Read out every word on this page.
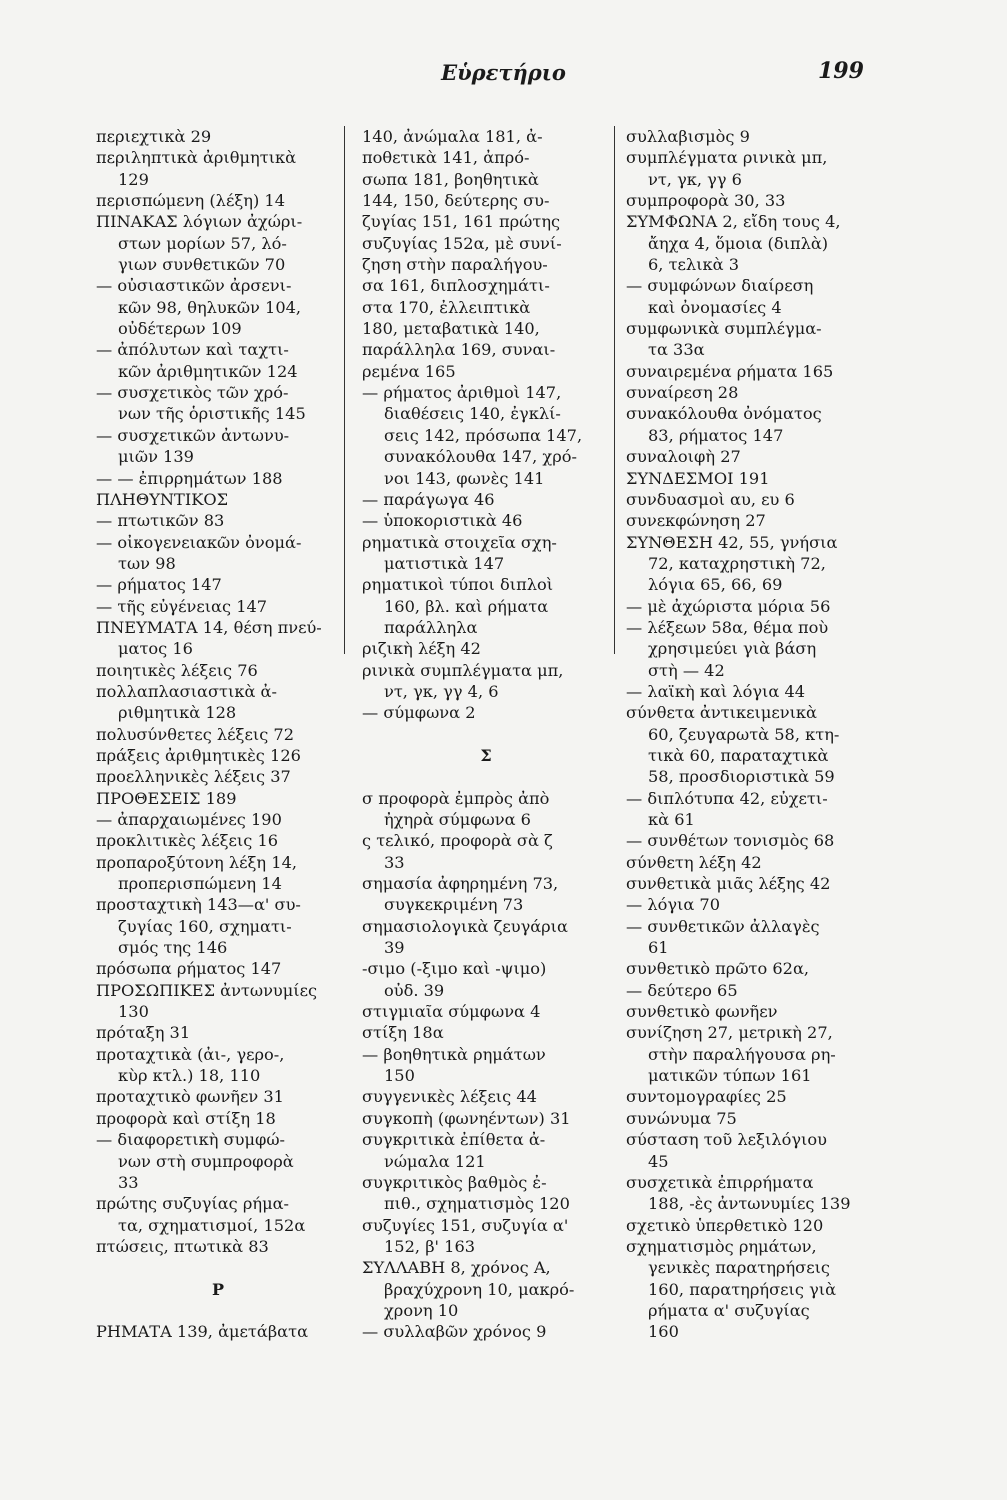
Εὑρετήριο	199
περιεχτικὰ 29
περιληπτικὰ ἀριθμητικὰ
129
περισπώμενη (λέξη) 14
ΠΙΝΑΚΑΣ λόγιων ἀχώρι-
στων μορίων 57, λό-
γιων συνθετικῶν 70
— οὐσιαστικῶν ἀρσενι-
κῶν 98, θηλυκῶν 104,
οὐδέτερων 109
— ἀπόλυτων καὶ ταχτι-
κῶν ἀριθμητικῶν 124
— συσχετικὸς τῶν χρό-
νων τῆς ὁριστικῆς 145
— συσχετικῶν ἀντωνυ-
μιῶν 139
— — ἐπιρρημάτων 188
ΠΛΗΘΥΝΤΙΚΟΣ
— πτωτικῶν 83
— οἰκογενειακῶν ὀνομά-
των 98
— ρήματος 147
— τῆς εὐγένειας 147
ΠΝΕΥΜΑΤΑ 14, θέση πνεύ-
ματος 16
ποιητικὲς λέξεις 76
πολλαπλασιαστικὰ ἀ-
ριθμητικὰ 128
πολυσύνθετες λέξεις 72
πράξεις ἀριθμητικὲς 126
προελληνικὲς λέξεις 37
ΠΡΟΘΕΣΕΙΣ 189
— ἀπαρχαιωμένες 190
προκλιτικὲς λέξεις 16
προπαροξύτονη λέξη 14,
προπερισπώμενη 14
προσταχτικὴ 143—α' συ-
ζυγίας 160, σχηματι-
σμός της 146
πρόσωπα ρήματος 147
ΠΡΟΣΩΠΙΚΕΣ ἀντωνυμίες
130
πρόταξη 31
προταχτικὰ (ἀι-, γερο-,
κὺρ κτλ.) 18, 110
προταχτικὸ φωνῆεν 31
προφορὰ καὶ στίξη 18
— διαφορετικὴ συμφώ-
νων στὴ συμπροφορὰ
33
πρώτης συζυγίας ρήμα-
τα, σχηματισμοί, 152α
πτώσεις, πτωτικὰ 83
Ρ
ΡΗΜΑΤΑ 139, ἀμετάβατα
140, ἀνώμαλα 181, ἀ-
ποθετικὰ 141, ἀπρό-
σωπα 181, βοηθητικὰ
144, 150, δεύτερης συ-
ζυγίας 151, 161 πρώτης
συζυγίας 152α, μὲ συνί-
ζηση στὴν παραλήγου-
σα 161, διπλοσχημάτι-
στα 170, ἐλλειπτικὰ
180, μεταβατικὰ 140,
παράλληλα 169, συναι-
ρεμένα 165
— ρήματος ἀριθμοὶ 147,
διαθέσεις 140, ἐγκλί-
σεις 142, πρόσωπα 147,
συνακόλουθα 147, χρό-
νοι 143, φωνὲς 141
— παράγωγα 46
— ὑποκοριστικὰ 46
ρηματικὰ στοιχεῖα σχη-
ματιστικὰ 147
ρηματικοὶ τύποι διπλοὶ
160, βλ. καὶ ρήματα
παράλληλα
ριζικὴ λέξη 42
ρινικὰ συμπλέγματα μπ,
ντ, γκ, γγ 4, 6
— σύμφωνα 2
Σ
σ προφορὰ ἐμπρὸς ἀπὸ
ἠχηρὰ σύμφωνα 6
ς τελικό, προφορὰ σὰ ζ
33
σημασία ἀφηρημένη 73,
συγκεκριμένη 73
σημασιολογικὰ ζευγάρια
39
-σιμο (-ξιμο καὶ -ψιμο)
οὐδ. 39
στιγμιαῖα σύμφωνα 4
στίξη 18α
— βοηθητικὰ ρημάτων
150
συγγενικὲς λέξεις 44
συγκοπὴ (φωνηέντων) 31
συγκριτικὰ ἐπίθετα ἀ-
νώμαλα 121
συγκριτικὸς βαθμὸς ἐ-
πιθ., σχηματισμὸς 120
συζυγίες 151, συζυγία α'
152, β' 163
ΣΥΛΛΑΒΗ 8, χρόνος Α,
βραχύχρονη 10, μακρό-
χρονη 10
— συλλαβῶν χρόνος 9
συλλαβισμὸς 9
συμπλέγματα ρινικὰ μπ,
ντ, γκ, γγ 6
συμπροφορὰ 30, 33
ΣΥΜΦΩΝΑ 2, εἴδη τους 4,
ἄηχα 4, ὅμοια (διπλὰ)
6, τελικὰ 3
— συμφώνων διαίρεση
καὶ ὀνομασίες 4
συμφωνικὰ συμπλέγμα-
τα 33α
συναιρεμένα ρήματα 165
συναίρεση 28
συνακόλουθα ὀνόματος
83, ρήματος 147
συναλοιφὴ 27
ΣΥΝΔΕΣΜΟΙ 191
συνδυασμοὶ αυ, ευ 6
συνεκφώνηση 27
ΣΥΝΘΕΣΗ 42, 55, γνήσια
72, καταχρηστικὴ 72,
λόγια 65, 66, 69
— μὲ ἀχώριστα μόρια 56
— λέξεων 58α, θέμα ποὺ
χρησιμεύει γιὰ βάση
στὴ — 42
— λαϊκὴ καὶ λόγια 44
σύνθετα ἀντικειμενικὰ
60, ζευγαρωτὰ 58, κτη-
τικὰ 60, παραταχτικὰ
58, προσδιοριστικὰ 59
— διπλότυπα 42, εὐχετι-
κὰ 61
— συνθέτων τονισμὸς 68
σύνθετη λέξη 42
συνθετικὰ μιᾶς λέξης 42
— λόγια 70
— συνθετικῶν ἀλλαγὲς
61
συνθετικὸ πρῶτο 62α,
— δεύτερο 65
συνθετικὸ φωνῆεν
συνίζηση 27, μετρικὴ 27,
στὴν παραλήγουσα ρη-
ματικῶν τύπων 161
συντομογραφίες 25
συνώνυμα 75
σύσταση τοῦ λεξιλόγιου
45
συσχετικὰ ἐπιρρήματα
188, -ὲς ἀντωνυμίες 139
σχετικὸ ὑπερθετικὸ 120
σχηματισμὸς ρημάτων,
γενικὲς παρατηρήσεις
160, παρατηρήσεις γιὰ
ρήματα α' συζυγίας
160
